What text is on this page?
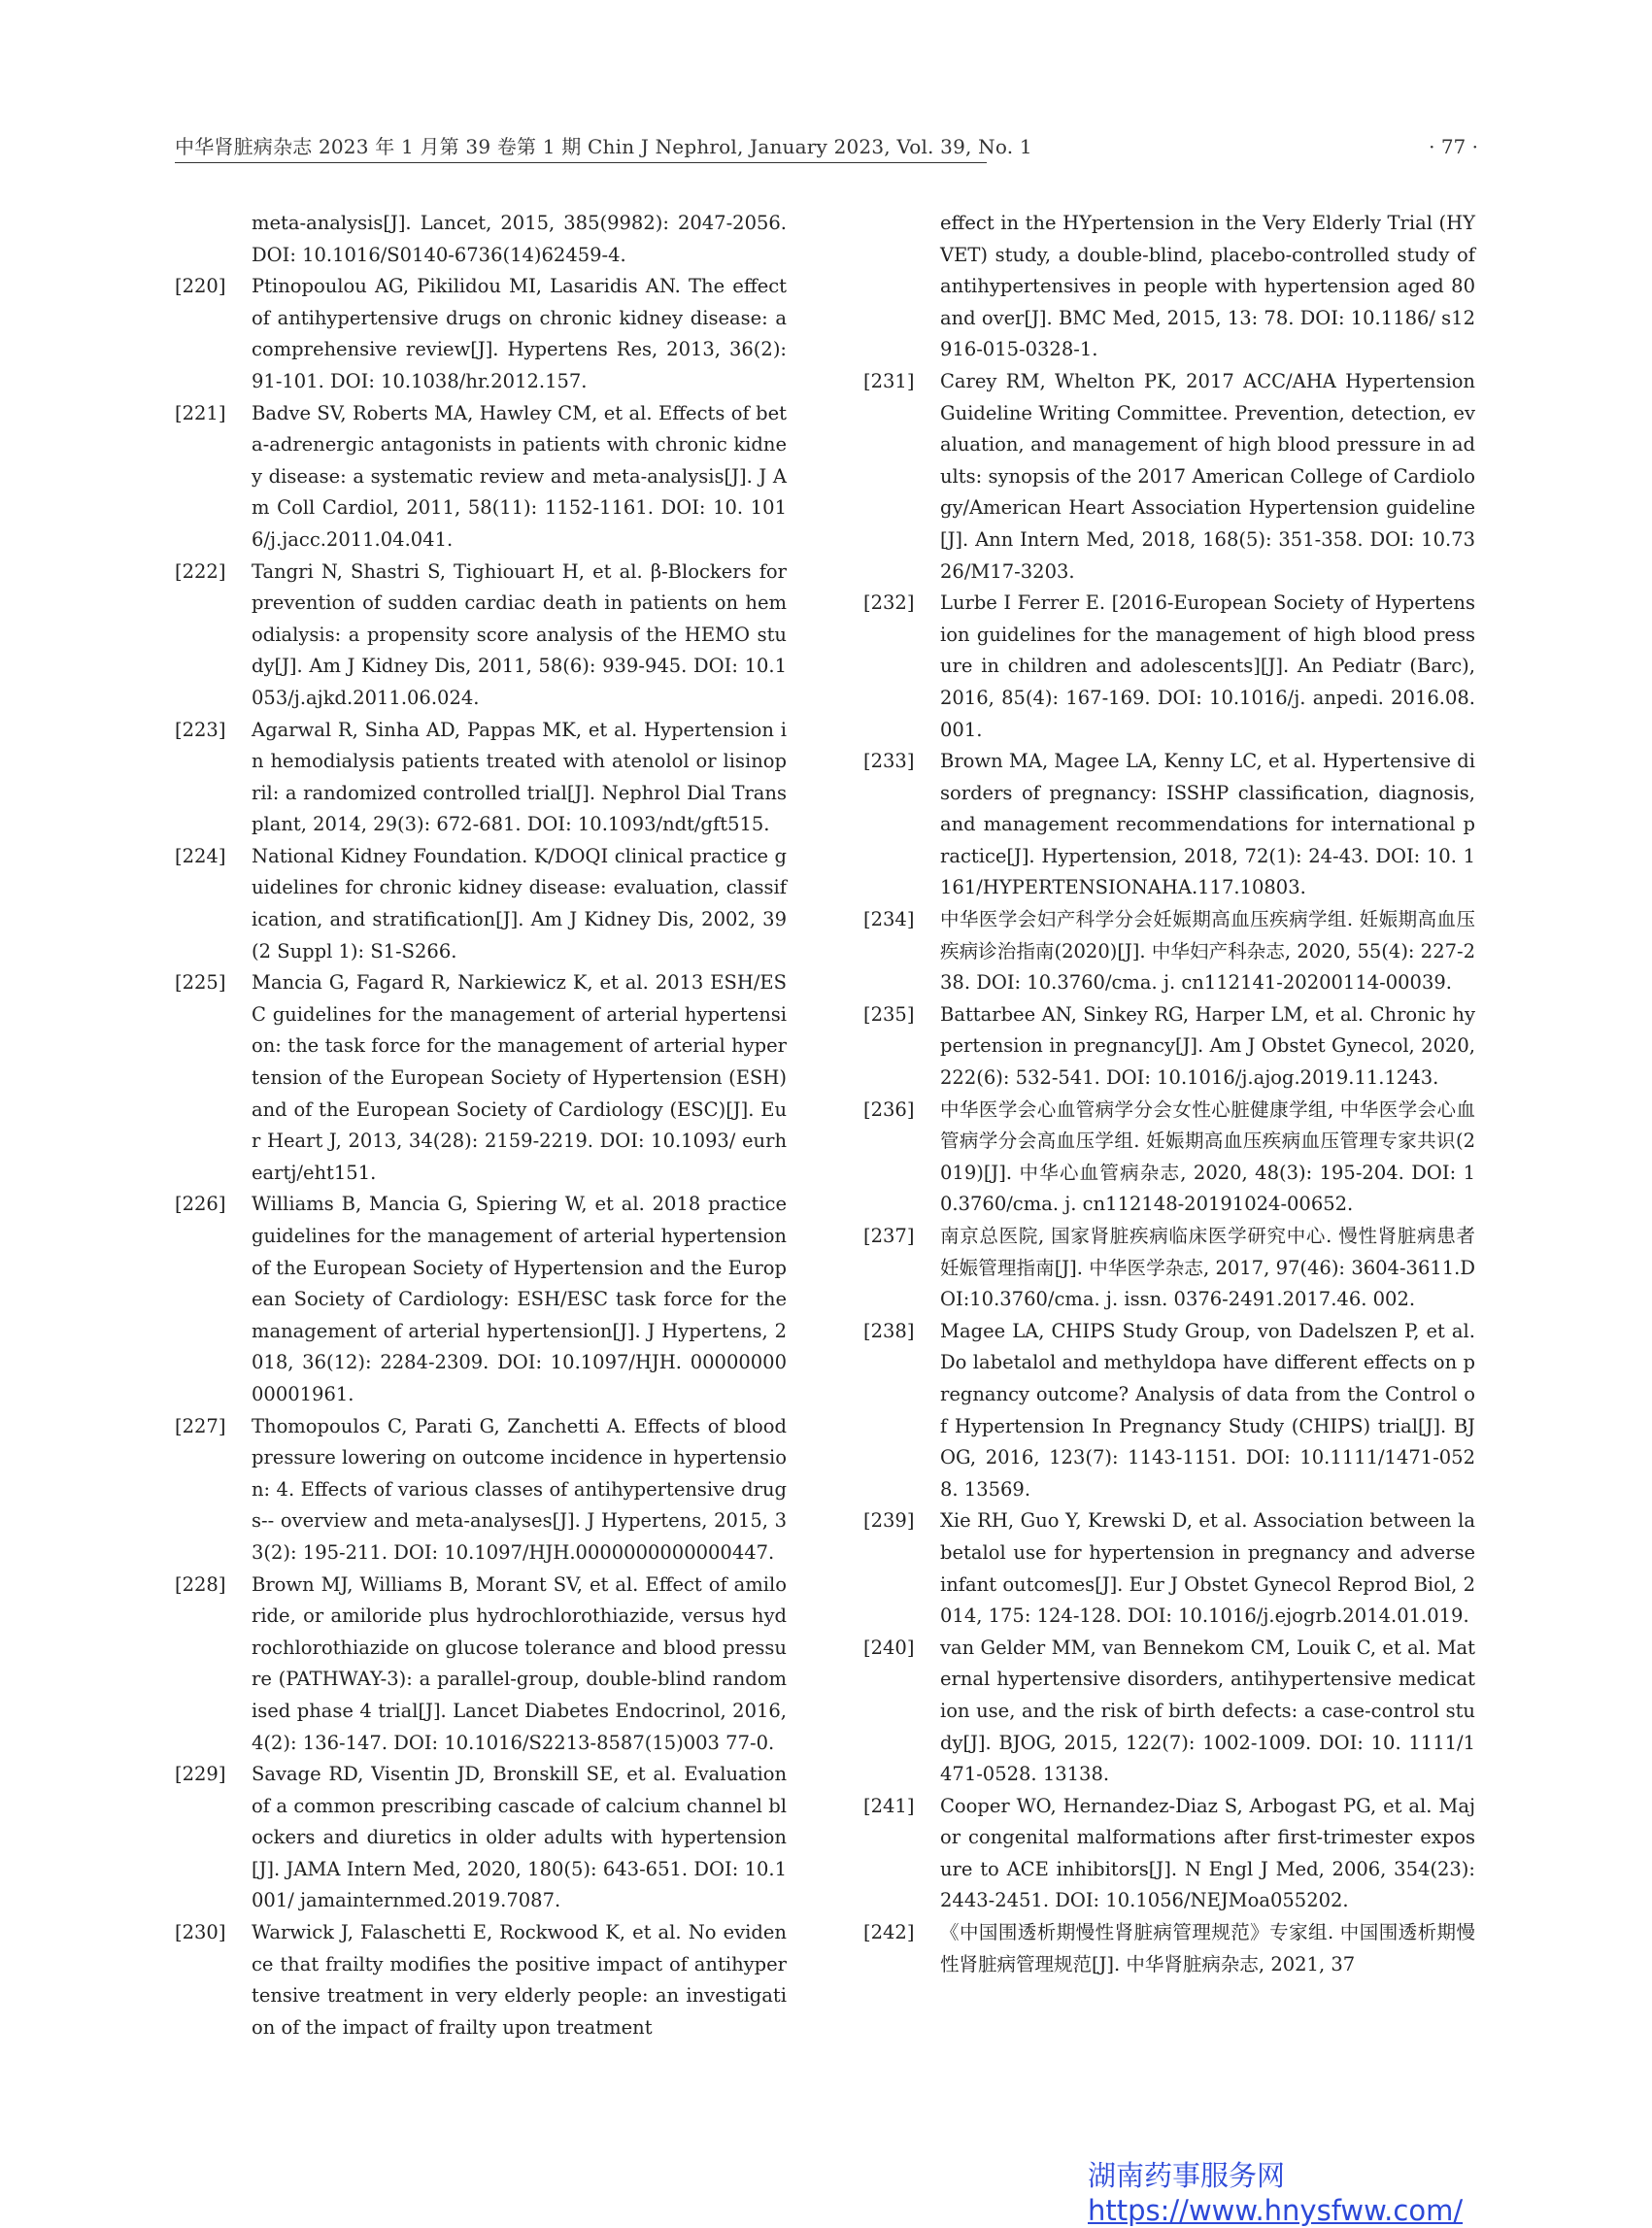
中华肾脏病杂志 2023 年 1 月第 39 卷第 1 期 Chin J Nephrol, January 2023, Vol. 39, No. 1	· 77 ·
meta-analysis[J]. Lancet, 2015, 385(9982): 2047-2056. DOI: 10.1016/S0140-6736(14)62459-4.
[220] Ptinopoulou AG, Pikilidou MI, Lasaridis AN. The effect of antihypertensive drugs on chronic kidney disease: a comprehensive review[J]. Hypertens Res, 2013, 36(2): 91-101. DOI: 10.1038/hr.2012.157.
[221] Badve SV, Roberts MA, Hawley CM, et al. Effects of beta-adrenergic antagonists in patients with chronic kidney disease: a systematic review and meta-analysis[J]. J Am Coll Cardiol, 2011, 58(11): 1152-1161. DOI: 10. 1016/j.jacc.2011.04.041.
[222] Tangri N, Shastri S, Tighiouart H, et al. β-Blockers for prevention of sudden cardiac death in patients on hemodialysis: a propensity score analysis of the HEMO study[J]. Am J Kidney Dis, 2011, 58(6): 939-945. DOI: 10.1053/j.ajkd.2011.06.024.
[223] Agarwal R, Sinha AD, Pappas MK, et al. Hypertension in hemodialysis patients treated with atenolol or lisinopril: a randomized controlled trial[J]. Nephrol Dial Transplant, 2014, 29(3): 672-681. DOI: 10.1093/ndt/gft515.
[224] National Kidney Foundation. K/DOQI clinical practice guidelines for chronic kidney disease: evaluation, classification, and stratification[J]. Am J Kidney Dis, 2002, 39(2 Suppl 1): S1-S266.
[225] Mancia G, Fagard R, Narkiewicz K, et al. 2013 ESH/ESC guidelines for the management of arterial hypertension: the task force for the management of arterial hypertension of the European Society of Hypertension (ESH) and of the European Society of Cardiology (ESC)[J]. Eur Heart J, 2013, 34(28): 2159-2219. DOI: 10.1093/ eurheartj/eht151.
[226] Williams B, Mancia G, Spiering W, et al. 2018 practice guidelines for the management of arterial hypertension of the European Society of Hypertension and the European Society of Cardiology: ESH/ESC task force for the management of arterial hypertension[J]. J Hypertens, 2018, 36(12): 2284-2309. DOI: 10.1097/HJH. 00000000 00001961.
[227] Thomopoulos C, Parati G, Zanchetti A. Effects of blood pressure lowering on outcome incidence in hypertension: 4. Effects of various classes of antihypertensive drugs-- overview and meta-analyses[J]. J Hypertens, 2015, 33(2): 195-211. DOI: 10.1097/HJH.0000000000000447.
[228] Brown MJ, Williams B, Morant SV, et al. Effect of amiloride, or amiloride plus hydrochlorothiazide, versus hydrochlorothiazide on glucose tolerance and blood pressure (PATHWAY-3): a parallel-group, double-blind randomised phase 4 trial[J]. Lancet Diabetes Endocrinol, 2016, 4(2): 136-147. DOI: 10.1016/S2213-8587(15)003 77-0.
[229] Savage RD, Visentin JD, Bronskill SE, et al. Evaluation of a common prescribing cascade of calcium channel blockers and diuretics in older adults with hypertension[J]. JAMA Intern Med, 2020, 180(5): 643-651. DOI: 10.1001/ jamainternmed.2019.7087.
[230] Warwick J, Falaschetti E, Rockwood K, et al. No evidence that frailty modifies the positive impact of antihypertensive treatment in very elderly people: an investigation of the impact of frailty upon treatment
effect in the HYpertension in the Very Elderly Trial (HYVET) study, a double-blind, placebo-controlled study of antihypertensives in people with hypertension aged 80 and over[J]. BMC Med, 2015, 13: 78. DOI: 10.1186/ s12916-015-0328-1.
[231] Carey RM, Whelton PK, 2017 ACC/AHA Hypertension Guideline Writing Committee. Prevention, detection, evaluation, and management of high blood pressure in adults: synopsis of the 2017 American College of Cardiology/American Heart Association Hypertension guideline[J]. Ann Intern Med, 2018, 168(5): 351-358. DOI: 10.7326/M17-3203.
[232] Lurbe I Ferrer E. [2016-European Society of Hypertension guidelines for the management of high blood pressure in children and adolescents][J]. An Pediatr (Barc), 2016, 85(4): 167-169. DOI: 10.1016/j. anpedi. 2016.08.001.
[233] Brown MA, Magee LA, Kenny LC, et al. Hypertensive disorders of pregnancy: ISSHP classification, diagnosis, and management recommendations for international practice[J]. Hypertension, 2018, 72(1): 24-43. DOI: 10. 1161/HYPERTENSIONAHA.117.10803.
[234] 中华医学会妇产科学分会妊娠期高血压疾病学组. 妊娠期高血压疾病诊治指南(2020)[J]. 中华妇产科杂志, 2020, 55(4): 227-238. DOI: 10.3760/cma. j. cn112141-20200114-00039.
[235] Battarbee AN, Sinkey RG, Harper LM, et al. Chronic hypertension in pregnancy[J]. Am J Obstet Gynecol, 2020, 222(6): 532-541. DOI: 10.1016/j.ajog.2019.11.1243.
[236] 中华医学会心血管病学分会女性心脏健康学组, 中华医学会心血管病学分会高血压学组. 妊娠期高血压疾病血压管理专家共识(2019)[J]. 中华心血管病杂志, 2020, 48(3): 195-204. DOI: 10.3760/cma. j. cn112148-20191024-00652.
[237] 南京总医院, 国家肾脏疾病临床医学研究中心. 慢性肾脏病患者妊娠管理指南[J]. 中华医学杂志, 2017, 97(46): 3604-3611.DOI:10.3760/cma. j. issn. 0376-2491.2017.46. 002.
[238] Magee LA, CHIPS Study Group, von Dadelszen P, et al. Do labetalol and methyldopa have different effects on pregnancy outcome? Analysis of data from the Control of Hypertension In Pregnancy Study (CHIPS) trial[J]. BJOG, 2016, 123(7): 1143-1151. DOI: 10.1111/1471-0528. 13569.
[239] Xie RH, Guo Y, Krewski D, et al. Association between labetalol use for hypertension in pregnancy and adverse infant outcomes[J]. Eur J Obstet Gynecol Reprod Biol, 2014, 175: 124-128. DOI: 10.1016/j.ejogrb.2014.01.019.
[240] van Gelder MM, van Bennekom CM, Louik C, et al. Maternal hypertensive disorders, antihypertensive medication use, and the risk of birth defects: a case-control study[J]. BJOG, 2015, 122(7): 1002-1009. DOI: 10. 1111/1471-0528. 13138.
[241] Cooper WO, Hernandez-Diaz S, Arbogast PG, et al. Major congenital malformations after first-trimester exposure to ACE inhibitors[J]. N Engl J Med, 2006, 354(23): 2443-2451. DOI: 10.1056/NEJMoa055202.
[242] 《中国围透析期慢性肾脏病管理规范》专家组. 中国围透析期慢性肾脏病管理规范[J]. 中华肾脏病杂志, 2021, 37
湖南药事服务网
https://www.hnysfww.com/
